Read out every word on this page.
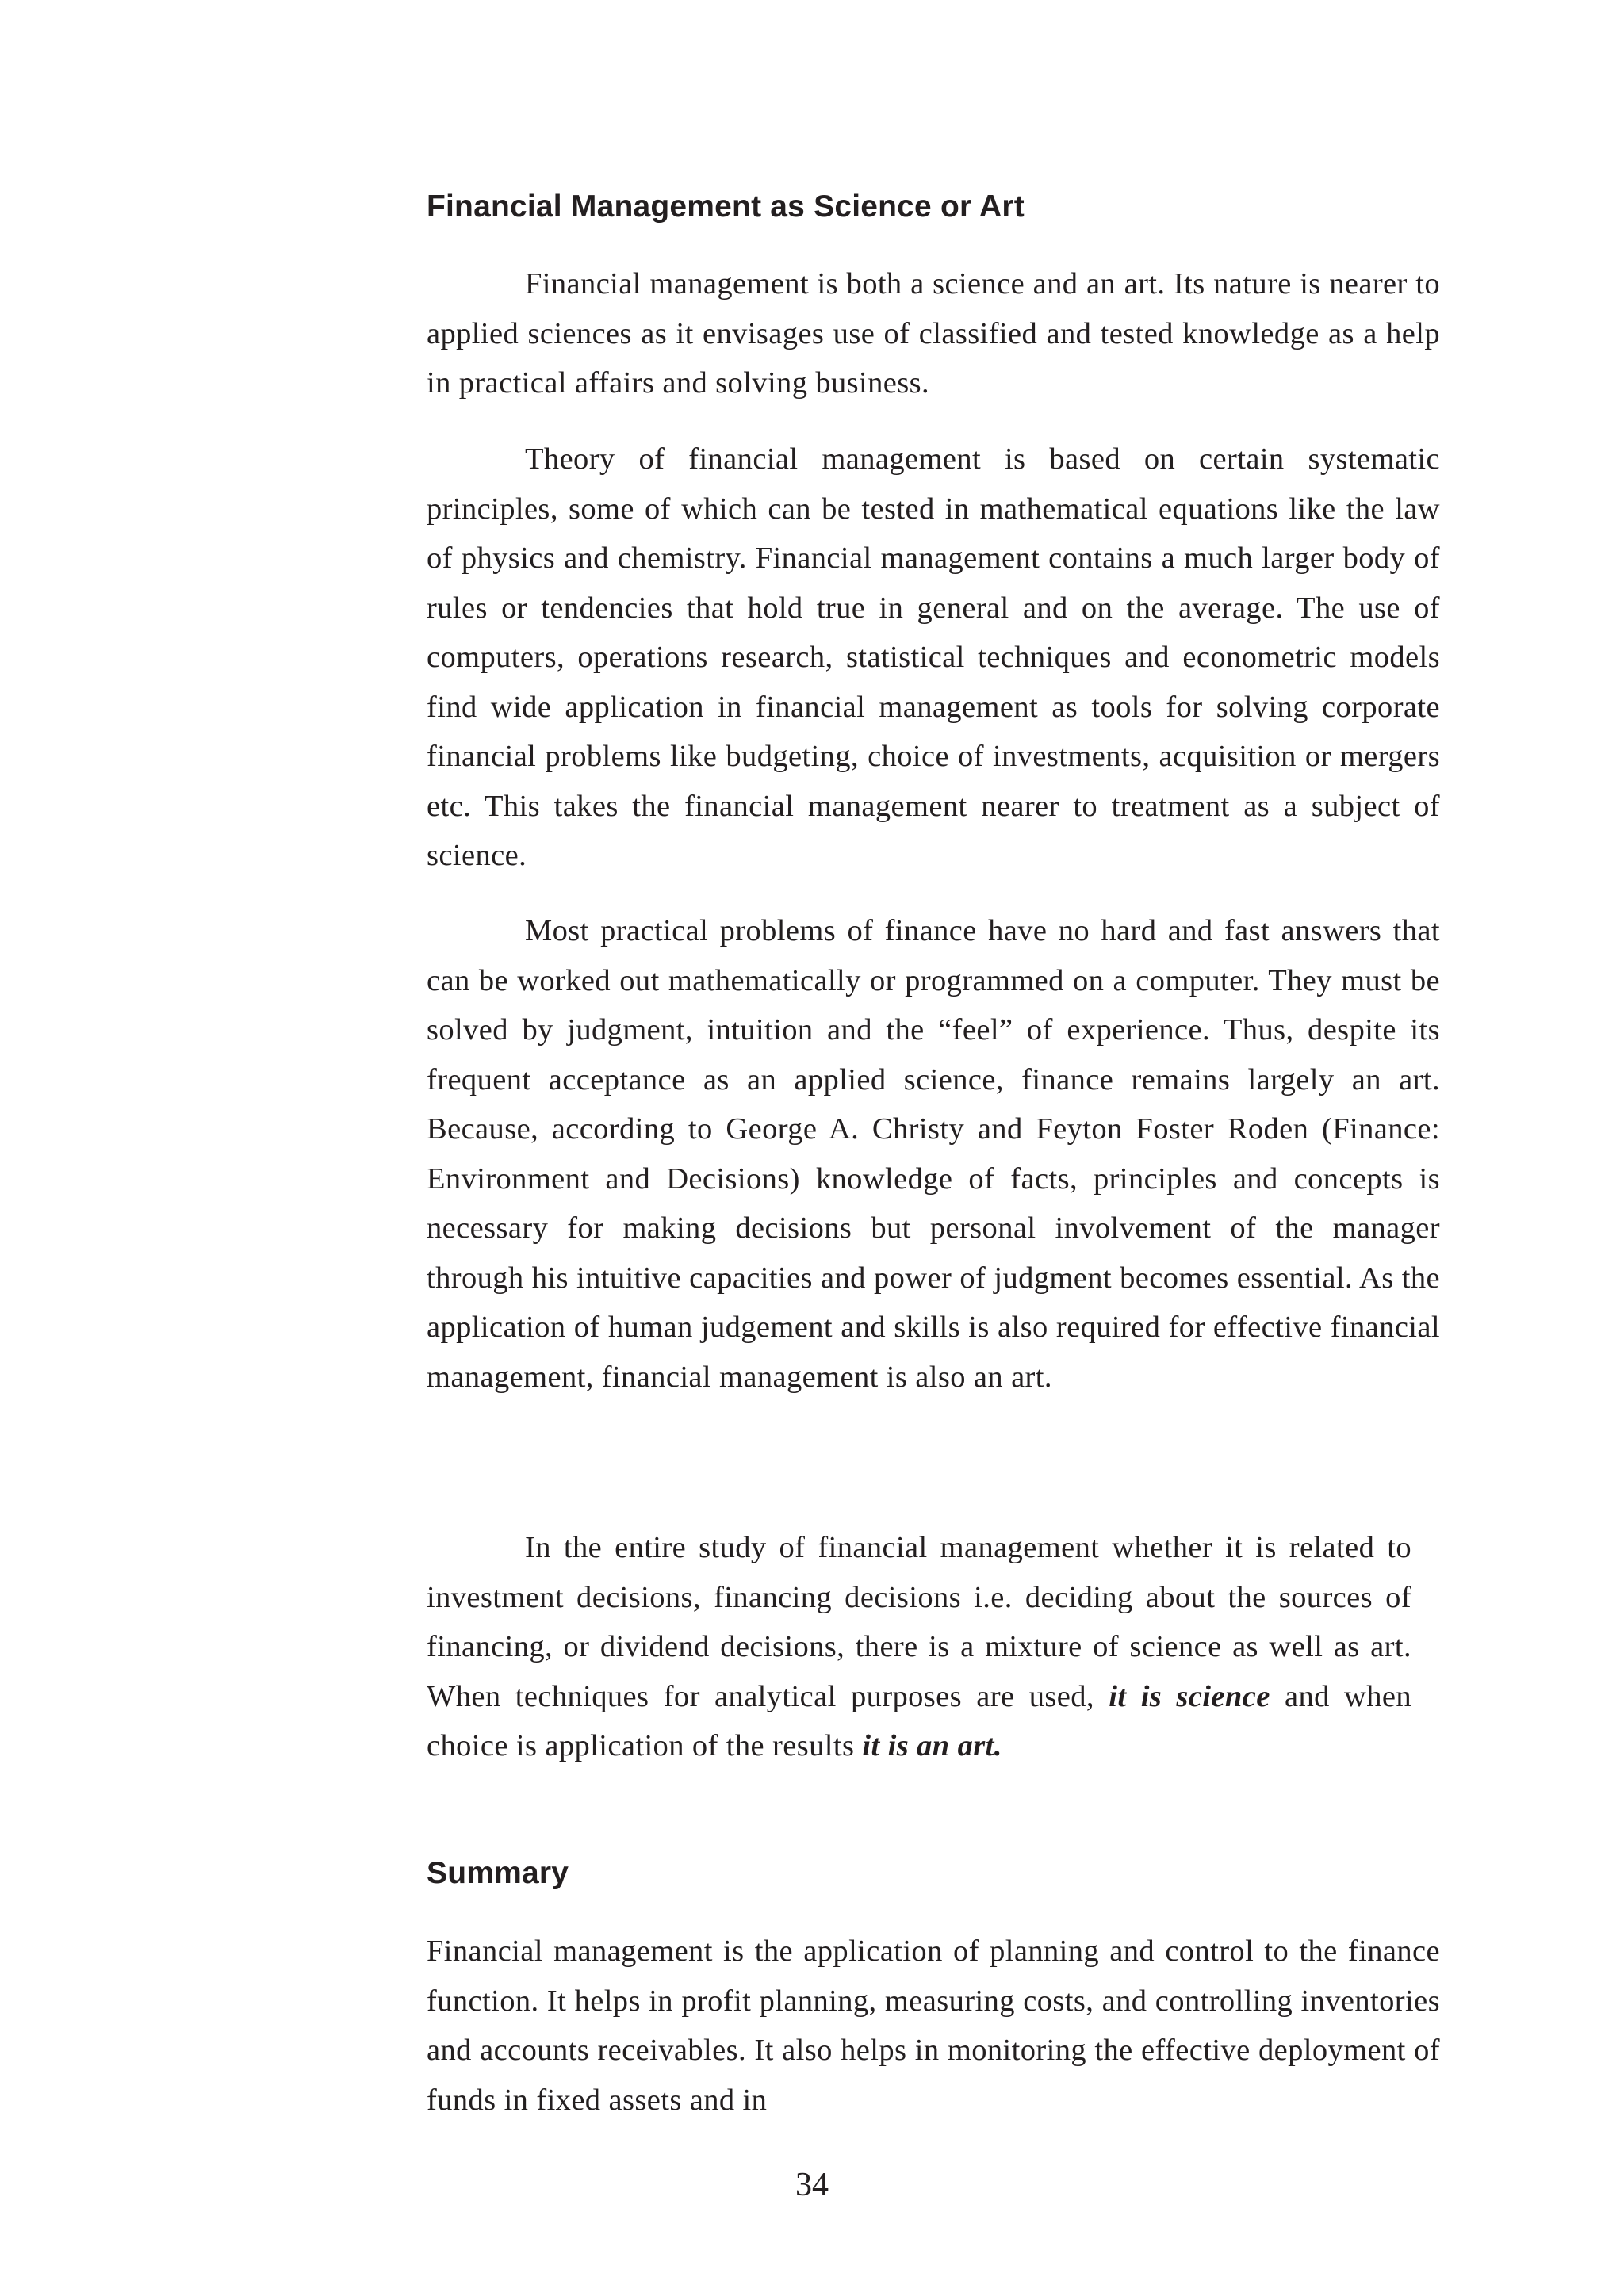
Financial Management as Science or Art

Financial management is both a science and an art. Its nature is nearer to applied sciences as it envisages use of classified and tested knowledge as a help in practical affairs and solving business.

Theory of financial management is based on certain systematic principles, some of which can be tested in mathematical equations like the law of physics and chemistry. Financial management contains a much larger body of rules or tendencies that hold true in general and on the average. The use of computers, operations research, statistical techniques and econometric models find wide application in financial management as tools for solving corporate financial problems like budgeting, choice of investments, acquisition or mergers etc. This takes the financial management nearer to treatment as a subject of science.

Most practical problems of finance have no hard and fast answers that can be worked out mathematically or programmed on a computer. They must be solved by judgment, intuition and the “feel” of experience. Thus, despite its frequent acceptance as an applied science, finance remains largely an art. Because, according to George A. Christy and Feyton Foster Roden (Finance: Environment and Decisions) knowledge of facts, principles and concepts is necessary for making decisions but personal involvement of the manager through his intuitive capacities and power of judgment becomes essential. As the application of human judgement and skills is also required for effective financial management, financial management is also an art.

In the entire study of financial management whether it is related to investment decisions, financing decisions i.e. deciding about the sources of financing, or dividend decisions, there is a mixture of science as well as art. When techniques for analytical purposes are used, it is science and when choice is application of the results it is an art.

Summary

Financial management is the application of planning and control to the finance function. It helps in profit planning, measuring costs, and controlling inventories and accounts receivables. It also helps in monitoring the effective deployment of funds in fixed assets and in

34
